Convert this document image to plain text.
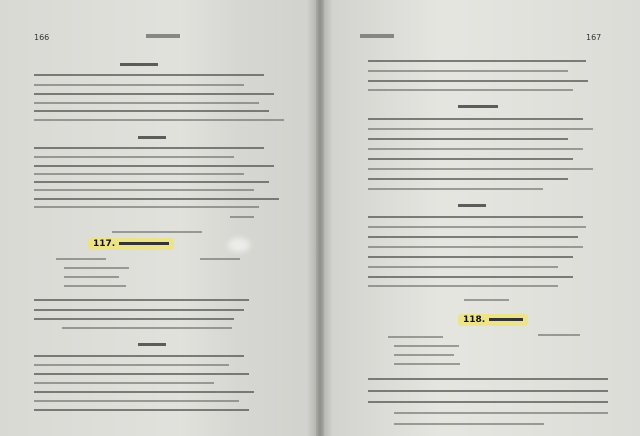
166
117.
167
118.
